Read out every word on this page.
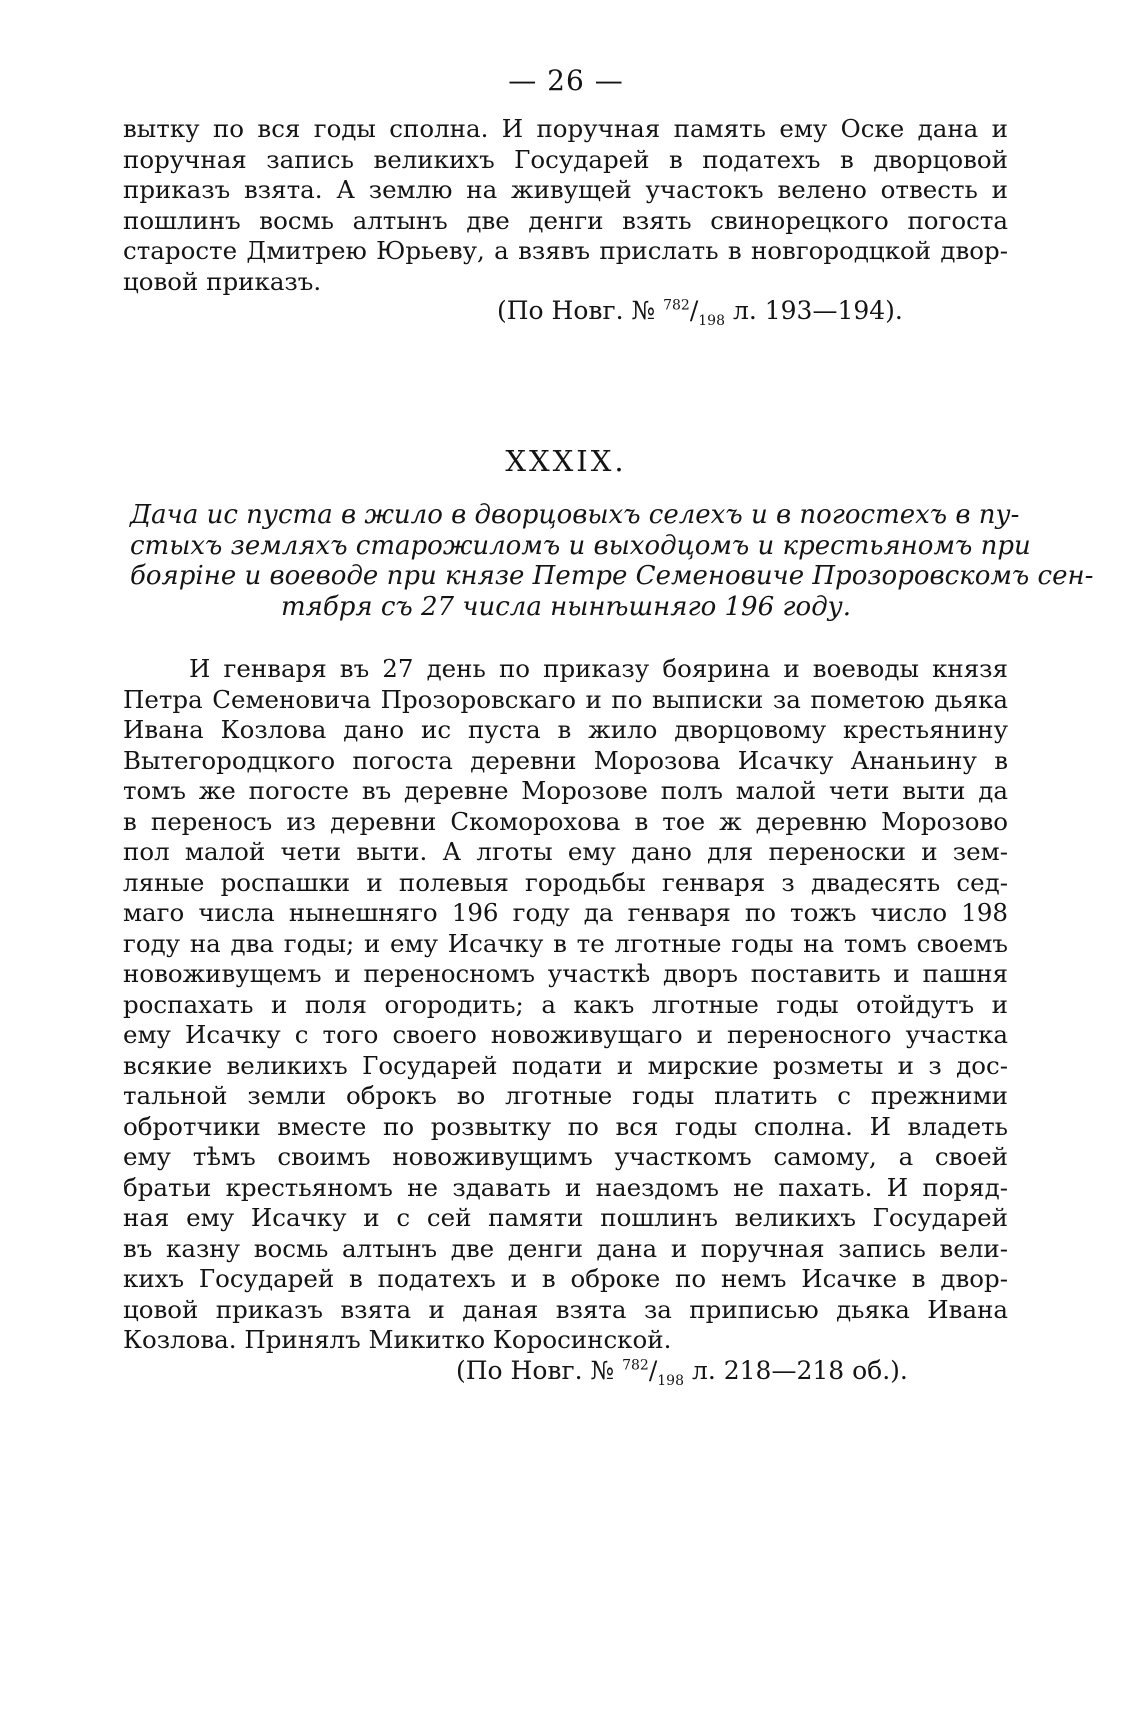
— 26 —
вытку по вся годы сполна. И поручная память ему Оске дана и
поручная запись великихъ Государей в податехъ в дворцовой
приказъ взята. А землю на живущей участокъ велено отвесть и
пошлинъ восмь алтынъ две денги взять свинорецкого погоста
старосте Дмитрею Юрьеву, а взявъ прислать в новгородцкой двор-
цовой приказъ.
(По Новг. № $^{782}/_{198}$ л. 193—194).
XXXIX.
Дача ис пуста в жило в дворцовыхъ селехъ и в погостехъ в пу-
стыхъ земляхъ старожиломъ и выходцомъ и крестьяномъ при
бояріне и воеводе при князе Петре Семеновиче Прозоровскомъ сен-
тября съ 27 числа нынѣшняго 196 году.
И генваря въ 27 день по приказу боярина и воеводы князя
Петра Семеновича Прозоровскаго и по выписки за пометою дьяка
Ивана Козлова дано ис пуста в жило дворцовому крестьянину
Вытегородцкого погоста деревни Морозова Исачку Ананьину в
томъ же погосте въ деревне Морозове полъ малой чети выти да
в переносъ из деревни Скоморохова в тое ж деревню Морозово
пол малой чети выти. А лготы ему дано для переноски и зем-
ляные роспашки и полевыя городьбы генваря з двадесять сед-
маго числа нынешняго 196 году да генваря по тожъ число 198
году на два годы; и ему Исачку в те лготные годы на томъ своемъ
новоживущемъ и переносномъ участкѣ дворъ поставить и пашня
роспахать и поля огородить; а какъ лготные годы отойдутъ и
ему Исачку с того своего новоживущаго и переносного участка
всякие великихъ Государей подати и мирские розметы и з дос-
тальной земли оброкъ во лготные годы платить с прежними
обротчики вместе по розвытку по вся годы сполна. И владеть
ему тѣмъ своимъ новоживущимъ участкомъ самому, а своей
братьи крестьяномъ не здавать и наездомъ не пахать. И поряд-
ная ему Исачку и с сей памяти пошлинъ великихъ Государей
въ казну восмь алтынъ две денги дана и поручная запись вели-
кихъ Государей в податехъ и в оброке по немъ Исачке в двор-
цовой приказъ взята и даная взята за приписью дьяка Ивана
Козлова. Принялъ Микитко Коросинской.
(По Новг. № $^{782}/_{198}$ л. 218—218 об.).
